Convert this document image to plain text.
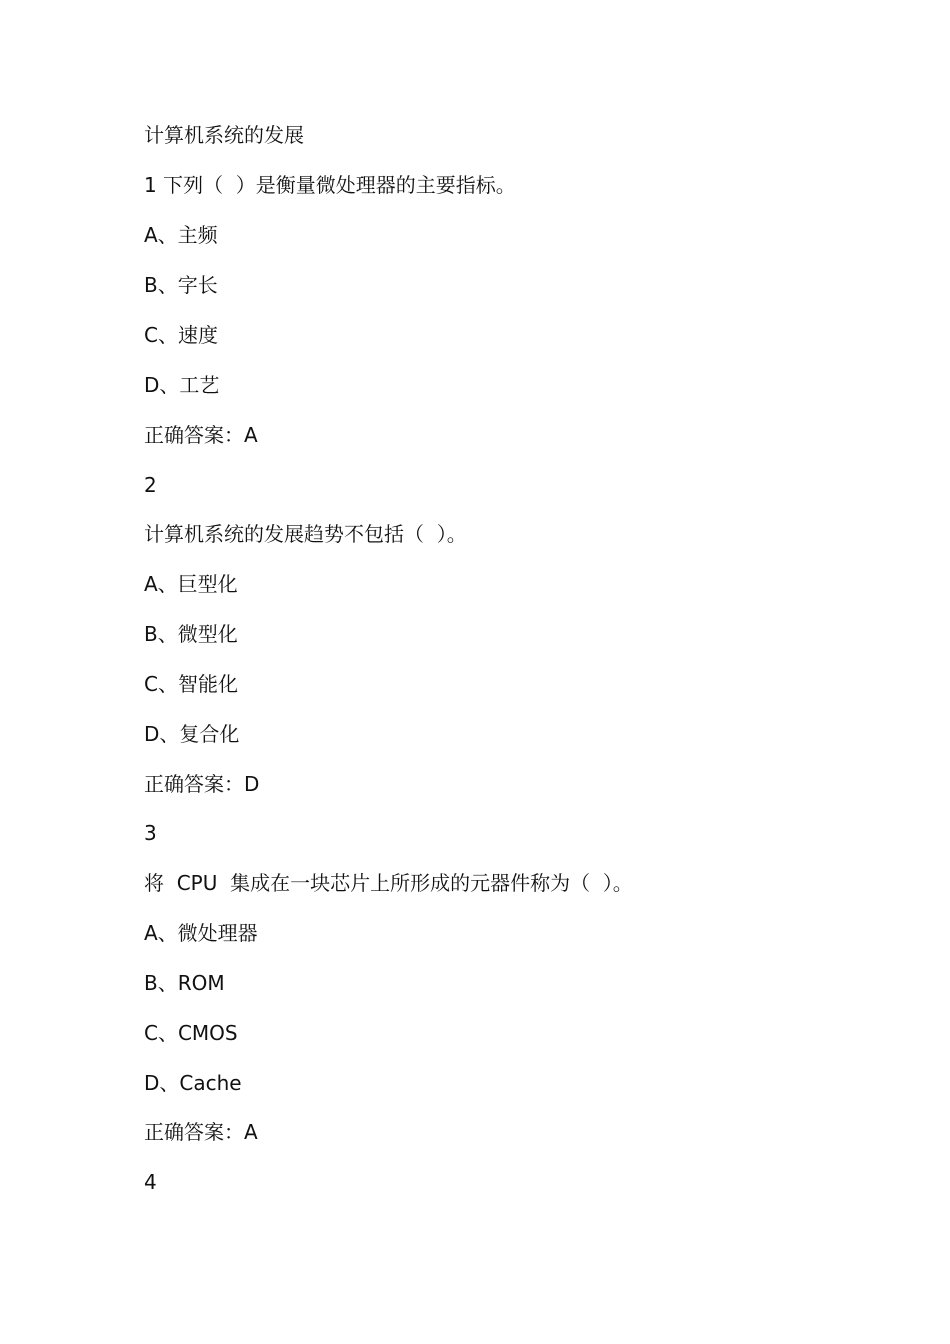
计算机系统的发展
1 下列（  ）是衡量微处理器的主要指标。
A、主频
B、字长
C、速度
D、工艺
正确答案：A
2
计算机系统的发展趋势不包括（  ）。
A、巨型化
B、微型化
C、智能化
D、复合化
正确答案：D
3
将  CPU  集成在一块芯片上所形成的元器件称为（  ）。
A、微处理器
B、ROM
C、CMOS
D、Cache
正确答案：A
4
